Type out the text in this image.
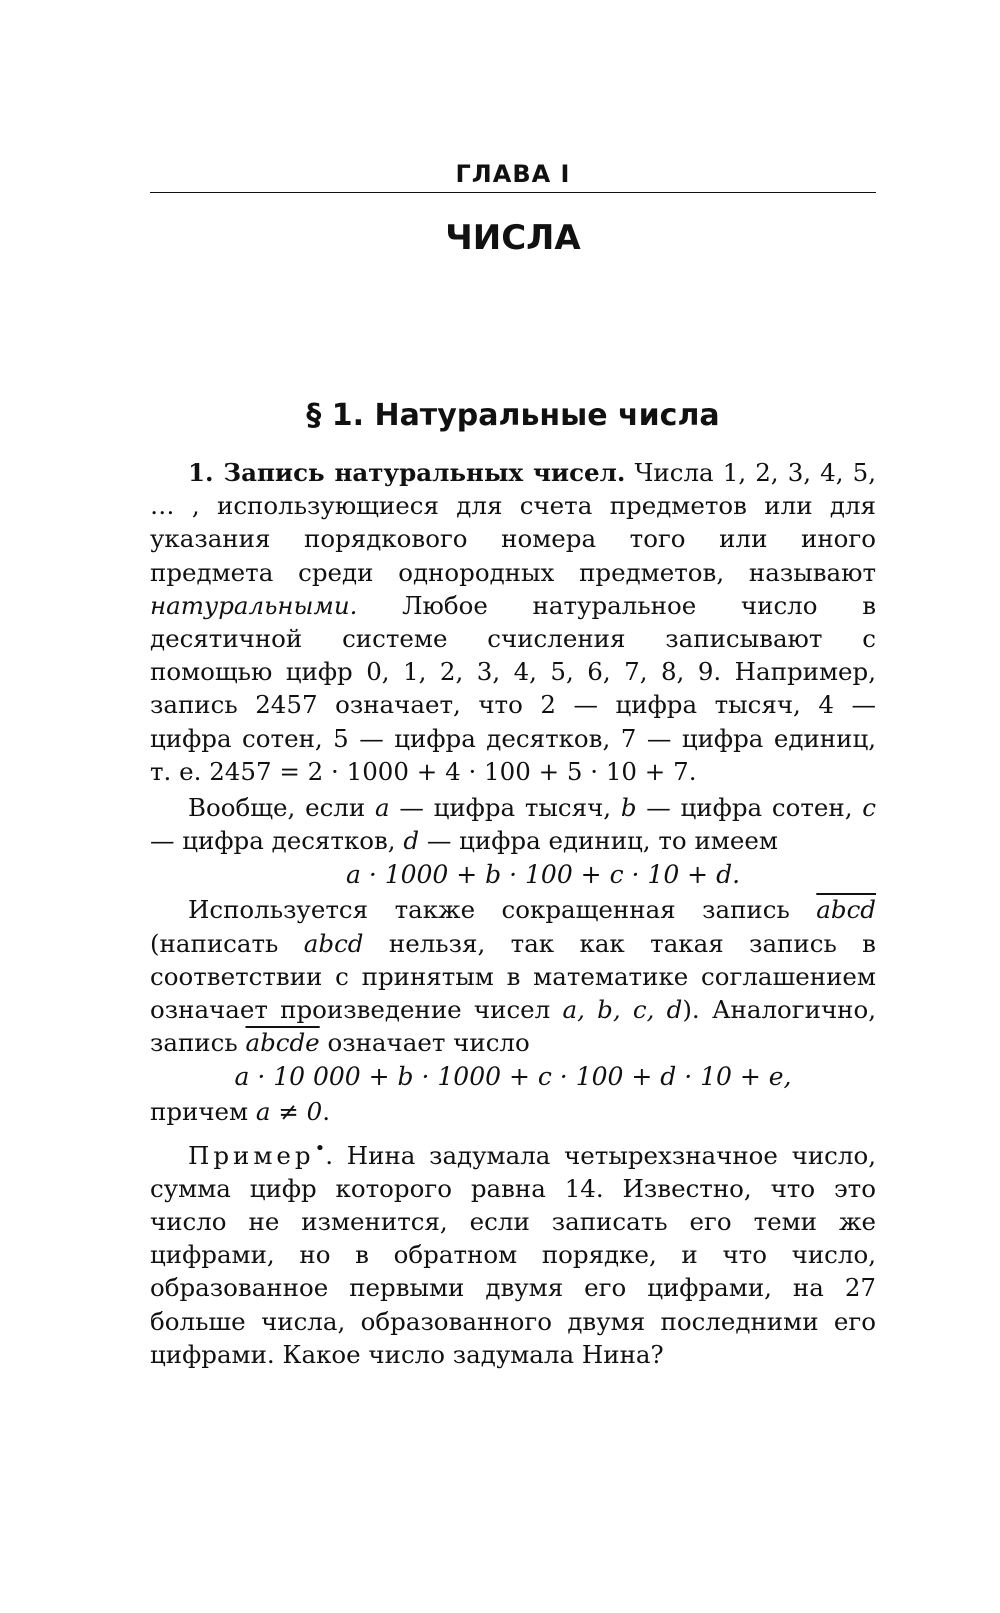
ГЛАВА I
ЧИСЛА
§ 1. Натуральные числа

1. Запись натуральных чисел. Числа 1, 2, 3, 4, 5, … , использующиеся для счета предметов или для указания порядкового номера того или иного предмета среди однородных предметов, называют натуральными. Любое натуральное число в десятичной системе счисления записывают с помощью цифр 0, 1, 2, 3, 4, 5, 6, 7, 8, 9. Например, запись 2457 означает, что 2 — цифра тысяч, 4 — цифра сотен, 5 — цифра десятков, 7 — цифра единиц, т. е. 2457 = 2 · 1000 + 4 · 100 + 5 · 10 + 7.

Вообще, если a — цифра тысяч, b — цифра сотен, c — цифра десятков, d — цифра единиц, то имеем

a · 1000 + b · 100 + c · 10 + d.

Используется также сокращенная запись abcd (написать abcd нельзя, так как такая запись в соответствии с принятым в математике соглашением означает произведение чисел a, b, c, d). Аналогично, запись abcde означает число

a · 10 000 + b · 1000 + c · 100 + d · 10 + e,

причем a ≠ 0.

Пример•. Нина задумала четырехзначное число, сумма цифр которого равна 14. Известно, что это число не изменится, если записать его теми же цифрами, но в обратном порядке, и что число, образованное первыми двумя его цифрами, на 27 больше числа, образованного двумя последними его цифрами. Какое число задумала Нина?
